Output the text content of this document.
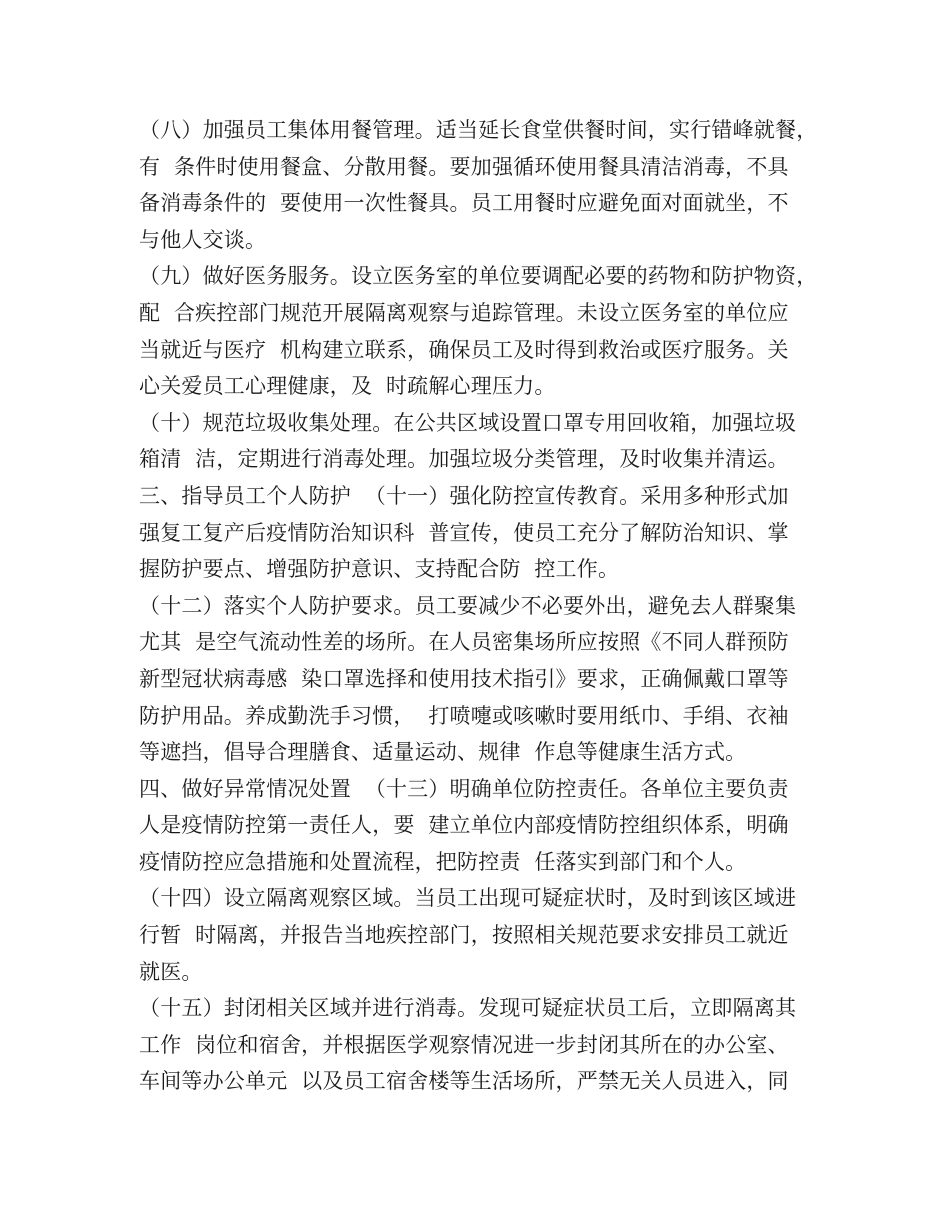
（八）加强员工集体用餐管理。适当延长食堂供餐时间，实行错峰就餐，

有  条件时使用餐盒、分散用餐。要加强循环使用餐具清洁消毒，不具

备消毒条件的  要使用一次性餐具。员工用餐时应避免面对面就坐，不

与他人交谈。

（九）做好医务服务。设立医务室的单位要调配必要的药物和防护物资，

配  合疾控部门规范开展隔离观察与追踪管理。未设立医务室的单位应

当就近与医疗  机构建立联系，确保员工及时得到救治或医疗服务。关

心关爱员工心理健康，及  时疏解心理压力。

（十）规范垃圾收集处理。在公共区域设置口罩专用回收箱，加强垃圾

箱清  洁，定期进行消毒处理。加强垃圾分类管理，及时收集并清运。

三、指导员工个人防护  （十一）强化防控宣传教育。采用多种形式加

强复工复产后疫情防治知识科  普宣传，使员工充分了解防治知识、掌

握防护要点、增强防护意识、支持配合防  控工作。

（十二）落实个人防护要求。员工要减少不必要外出，避免去人群聚集

尤其  是空气流动性差的场所。在人员密集场所应按照《不同人群预防

新型冠状病毒感  染口罩选择和使用技术指引》要求，正确佩戴口罩等

防护用品。养成勤洗手习惯，  打喷嚏或咳嗽时要用纸巾、手绢、衣袖

等遮挡，倡导合理膳食、适量运动、规律  作息等健康生活方式。

四、做好异常情况处置  （十三）明确单位防控责任。各单位主要负责

人是疫情防控第一责任人，要  建立单位内部疫情防控组织体系，明确

疫情防控应急措施和处置流程，把防控责  任落实到部门和个人。

（十四）设立隔离观察区域。当员工出现可疑症状时，及时到该区域进

行暂  时隔离，并报告当地疾控部门，按照相关规范要求安排员工就近

就医。

（十五）封闭相关区域并进行消毒。发现可疑症状员工后，立即隔离其

工作  岗位和宿舍，并根据医学观察情况进一步封闭其所在的办公室、

车间等办公单元  以及员工宿舍楼等生活场所，严禁无关人员进入，同
